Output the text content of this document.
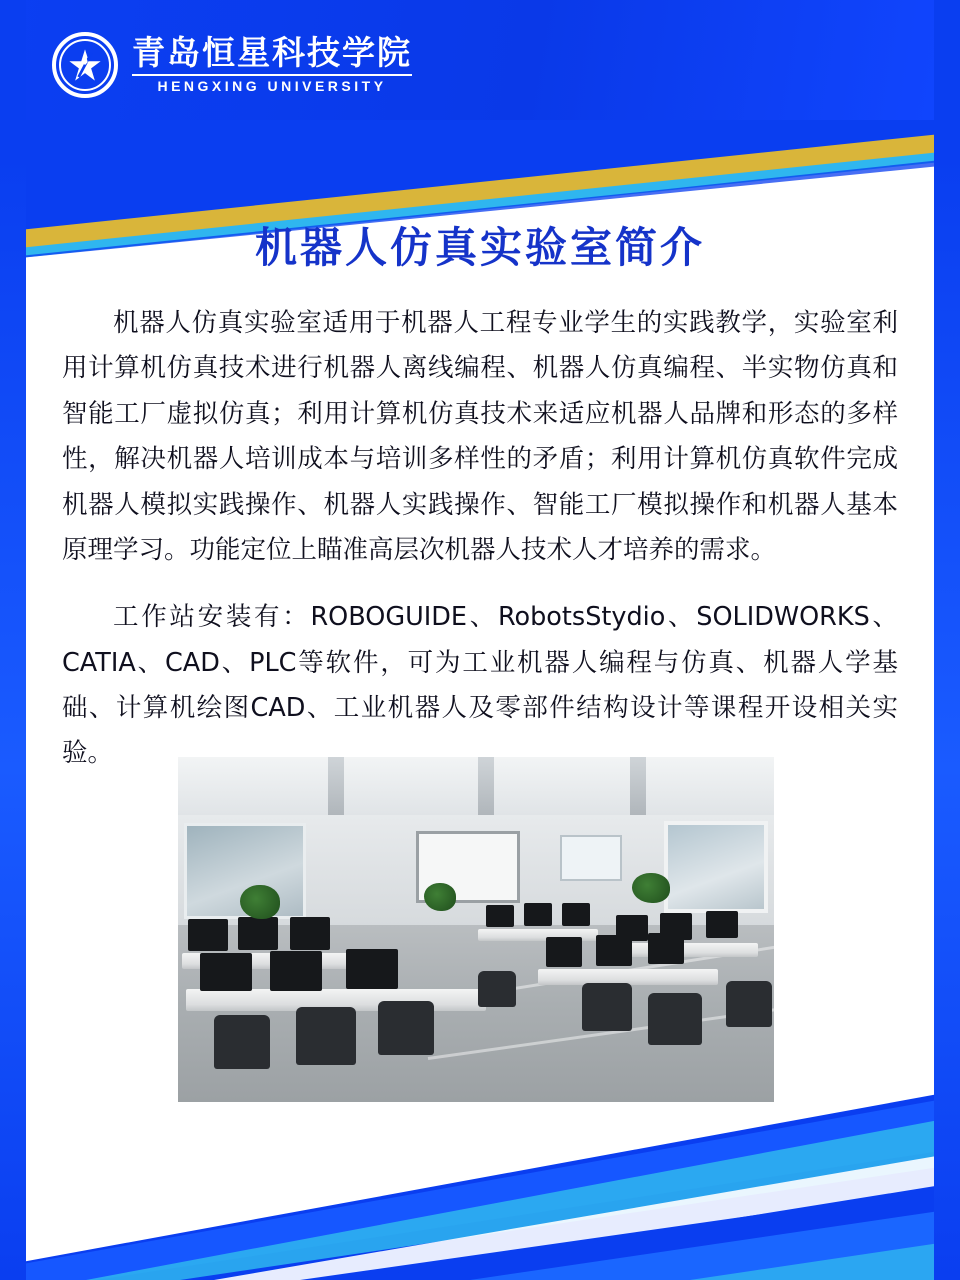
青岛恒星科技学院
HENGXING UNIVERSITY
机器人仿真实验室简介

机器人仿真实验室适用于机器人工程专业学生的实践教学，实验室利用计算机仿真技术进行机器人离线编程、机器人仿真编程、半实物仿真和智能工厂虚拟仿真；利用计算机仿真技术来适应机器人品牌和形态的多样性，解决机器人培训成本与培训多样性的矛盾；利用计算机仿真软件完成机器人模拟实践操作、机器人实践操作、智能工厂模拟操作和机器人基本原理学习。功能定位上瞄准高层次机器人技术人才培养的需求。

工作站安装有：ROBOGUIDE、RobotsStydio、SOLIDWORKS、CATIA、CAD、PLC等软件，可为工业机器人编程与仿真、机器人学基础、计算机绘图CAD、工业机器人及零部件结构设计等课程开设相关实验。
